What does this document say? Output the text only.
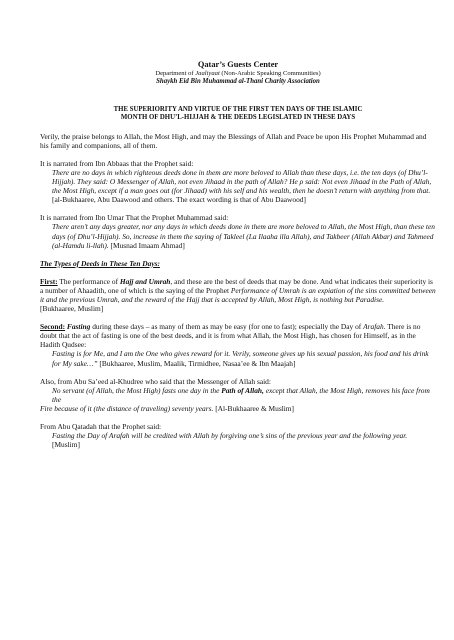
Qatar’s Guests Center
Department of Jaaliyaat (Non-Arabic Speaking Communities)
Shaykh Eid Bin Muhammad al-Thani Charity Association
THE SUPERIORITY AND VIRTUE OF THE FIRST TEN DAYS OF THE ISLAMIC
MONTH OF DHU’L-HIJJAH & THE DEEDS LEGISLATED IN THESE DAYS

Verily, the praise belongs to Allah, the Most High, and may the Blessings of Allah and Peace be upon His Prophet Muhammad and his family and companions, all of them.

It is narrated from Ibn Abbaas that the Prophet said:

There are no days in which righteous deeds done in them are more beloved to Allah than these days, i.e. the ten days (of Dhu’l-Hijjah). They said: O Messenger of Allah, not even Jihaad in the path of Allah? He ρ said: Not even Jihaad in the Path of Allah, the Most High, except if a man goes out (for Jihaad) with his self and his wealth, then he doesn’t return with anything from that. [al-Bukhaaree, Abu Daawood and others. The exact wording is that of Abu Daawood]

It is narrated from Ibn Umar That the Prophet Muhammad said:

There aren’t any days greater, nor any days in which deeds done in them are more beloved to Allah, the Most High, than these ten days (of Dhu’l-Hijjah). So, increase in them the saying of Takleel (La Ilaaha illa Allah), and Takbeer (Allah Akbar) and Tahmeed (al-Hamdu li-llah). [Musnad Imaam Ahmad]

The Types of Deeds in These Ten Days:

First: The performance of Hajj and Umrah, and these are the best of deeds that may be done. And what indicates their superiority is a number of Ahaadith, one of which is the saying of the Prophet Performance of Umrah is an expiation of the sins committed between it and the previous Umrah, and the reward of the Hajj that is accepted by Allah, Most High, is nothing but Paradise.
[Bukhaaree, Muslim]

Second: Fasting during these days – as many of them as may be easy (for one to fast); especially the Day of Arafah. There is no doubt that the act of fasting is one of the best deeds, and it is from what Allah, the Most High, has chosen for Himself, as in the Hadith Qudsee:

Fasting is for Me, and I am the One who gives reward for it. Verily, someone gives up his sexual passion, his food and his drink for My sake…” [Bukhaaree, Muslim, Maalik, Tirmidhee, Nasaa’ee & Ibn Maajah]

Also, from Abu Sa’eed al-Khudree who said that the Messenger of Allah said:

No servant (of Allah, the Most High) fasts one day in the Path of Allah, except that Allah, the Most High, removes his face from the

Fire because of it (the distance of traveling) seventy years. [Al-Bukhaaree & Muslim]

From Abu Qatadah that the Prophet said:

Fasting the Day of Arafah will be credited with Allah by forgiving one’s sins of the previous year and the following year. [Muslim]
